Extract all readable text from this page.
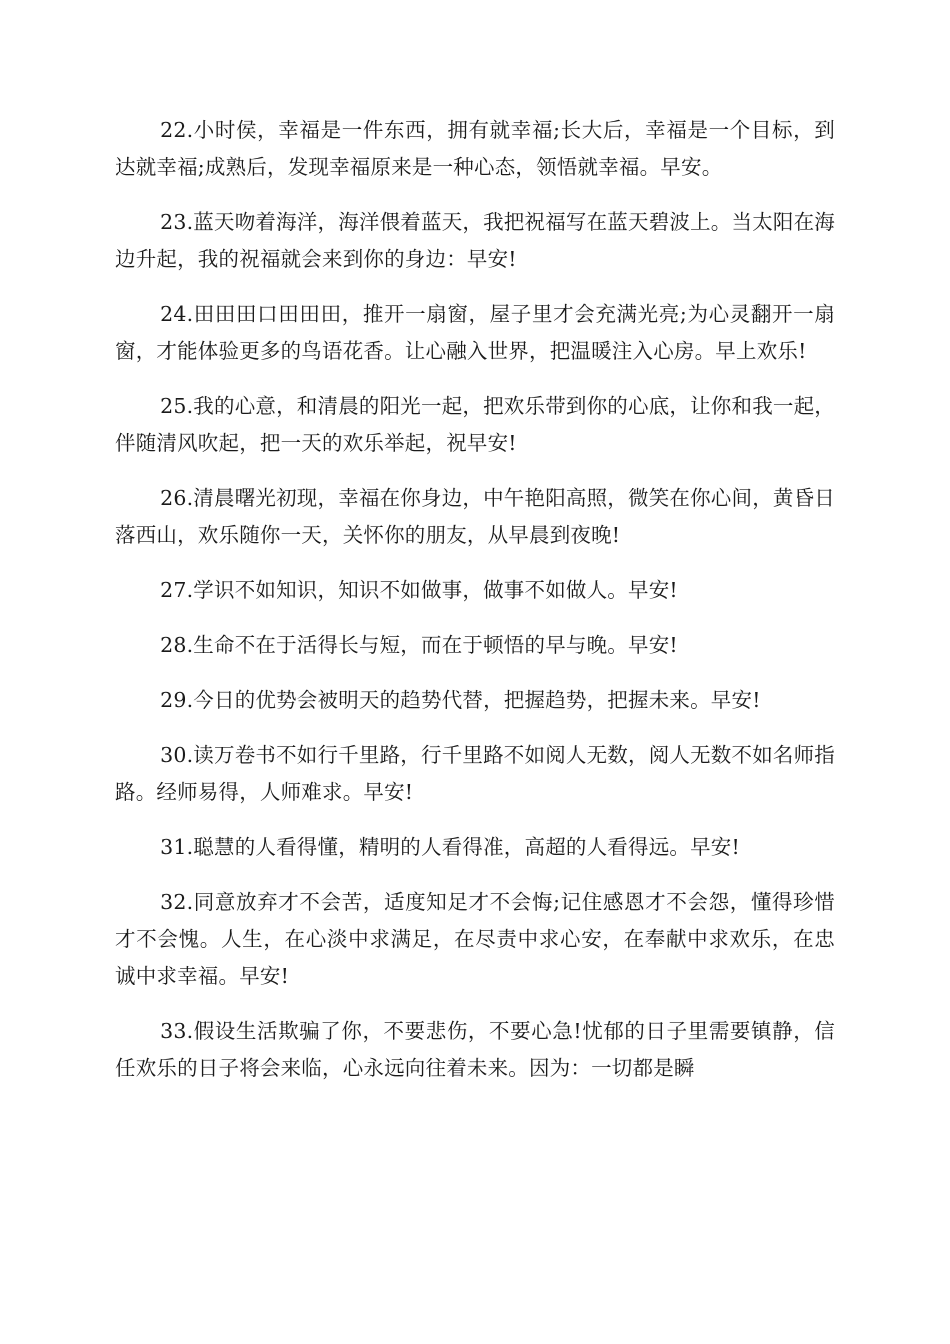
22.小时侯，幸福是一件东西，拥有就幸福;长大后，幸福是一个目标，到达就幸福;成熟后，发现幸福原来是一种心态，领悟就幸福。早安。

23.蓝天吻着海洋，海洋偎着蓝天，我把祝福写在蓝天碧波上。当太阳在海边升起，我的祝福就会来到你的身边：早安!

24.田田田口田田田，推开一扇窗，屋子里才会充满光亮;为心灵翻开一扇窗，才能体验更多的鸟语花香。让心融入世界，把温暖注入心房。早上欢乐!

25.我的心意，和清晨的阳光一起，把欢乐带到你的心底，让你和我一起，伴随清风吹起，把一天的欢乐举起，祝早安!

26.清晨曙光初现，幸福在你身边，中午艳阳高照，微笑在你心间，黄昏日落西山，欢乐随你一天，关怀你的朋友，从早晨到夜晚!

27.学识不如知识，知识不如做事，做事不如做人。早安!

28.生命不在于活得长与短，而在于顿悟的早与晚。早安!

29.今日的优势会被明天的趋势代替，把握趋势，把握未来。早安!

30.读万卷书不如行千里路，行千里路不如阅人无数，阅人无数不如名师指路。经师易得，人师难求。早安!

31.聪慧的人看得懂，精明的人看得准，高超的人看得远。早安!

32.同意放弃才不会苦，适度知足才不会悔;记住感恩才不会怨，懂得珍惜才不会愧。人生，在心淡中求满足，在尽责中求心安，在奉献中求欢乐，在忠诚中求幸福。早安!

33.假设生活欺骗了你，不要悲伤，不要心急!忧郁的日子里需要镇静，信任欢乐的日子将会来临，心永远向往着未来。因为：一切都是瞬
